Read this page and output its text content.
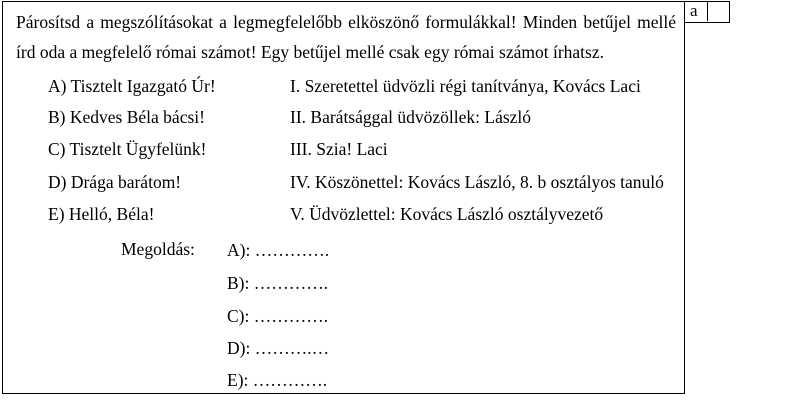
Párosítsd a megszólításokat a legmegfelelőbb elköszönő formulákkal! Minden betűjel mellé írd oda a megfelelő római számot! Egy betűjel mellé csak egy római számot írhatsz.

A) Tisztelt Igazgató Úr!
B) Kedves Béla bácsi!
C) Tisztelt Ügyfelünk!
D) Drága barátom!
E) Helló, Béla!
I. Szeretettel üdvözli régi tanítványa, Kovács Laci
II. Barátsággal üdvözöllek: László
III. Szia! Laci
IV. Köszönettel: Kovács László, 8. b osztályos tanuló
V. Üdvözlettel: Kovács László osztályvezető
Megoldás: A): ………….
B): ………….
C): ………….
D): ……….…
E): ………….
a
